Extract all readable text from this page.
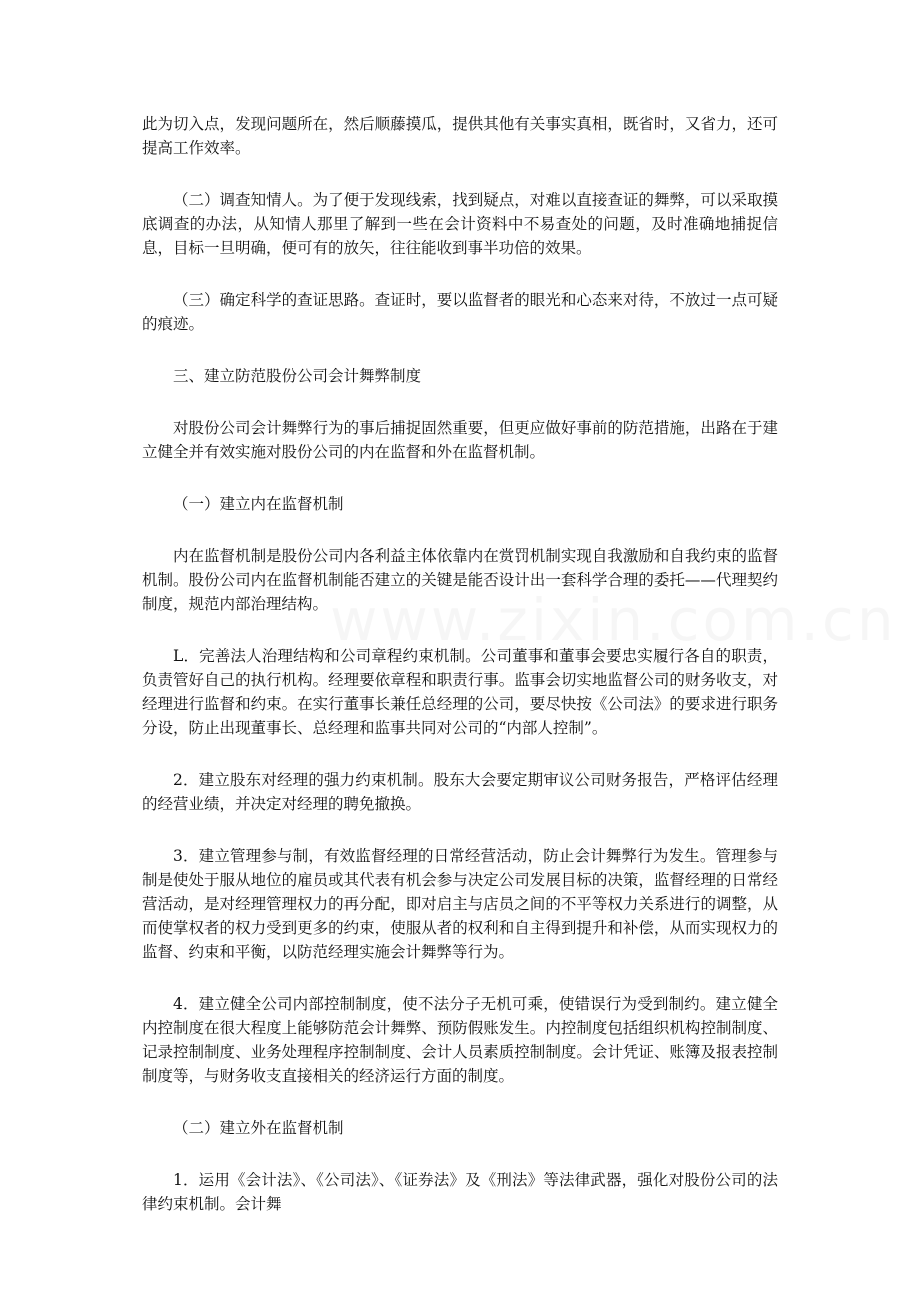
此为切入点，发现问题所在，然后顺藤摸瓜，提供其他有关事实真相，既省时，又省力，还可提高工作效率。

（二）调查知情人。为了便于发现线索，找到疑点，对难以直接查证的舞弊，可以采取摸底调查的办法，从知情人那里了解到一些在会计资料中不易查处的问题，及时准确地捕捉信息，目标一旦明确，便可有的放矢，往往能收到事半功倍的效果。

（三）确定科学的查证思路。查证时，要以监督者的眼光和心态来对待，不放过一点可疑的痕迹。

三、建立防范股份公司会计舞弊制度

对股份公司会计舞弊行为的事后捕捉固然重要，但更应做好事前的防范措施，出路在于建立健全并有效实施对股份公司的内在监督和外在监督机制。

（一）建立内在监督机制

内在监督机制是股份公司内各利益主体依靠内在赏罚机制实现自我激励和自我约束的监督机制。股份公司内在监督机制能否建立的关键是能否设计出一套科学合理的委托——代理契约制度，规范内部治理结构。

L．完善法人治理结构和公司章程约束机制。公司董事和董事会要忠实履行各自的职责，负责管好自己的执行机构。经理要依章程和职责行事。监事会切实地监督公司的财务收支，对经理进行监督和约束。在实行董事长兼任总经理的公司，要尽快按《公司法》的要求进行职务分设，防止出现董事长、总经理和监事共同对公司的“内部人控制”。

2．建立股东对经理的强力约束机制。股东大会要定期审议公司财务报告，严格评估经理的经营业绩，并决定对经理的聘免撤换。

3．建立管理参与制，有效监督经理的日常经营活动，防止会计舞弊行为发生。管理参与制是使处于服从地位的雇员或其代表有机会参与决定公司发展目标的决策，监督经理的日常经营活动，是对经理管理权力的再分配，即对启主与店员之间的不平等权力关系进行的调整，从而使掌权者的权力受到更多的约束，使服从者的权利和自主得到提升和补偿，从而实现权力的监督、约束和平衡，以防范经理实施会计舞弊等行为。

4．建立健全公司内部控制制度，使不法分子无机可乘，使错误行为受到制约。建立健全内控制度在很大程度上能够防范会计舞弊、预防假账发生。内控制度包括组织机构控制制度、记录控制制度、业务处理程序控制制度、会计人员素质控制制度。会计凭证、账簿及报表控制制度等，与财务收支直接相关的经济运行方面的制度。

（二）建立外在监督机制

1．运用《会计法》、《公司法》、《证券法》及《刑法》等法律武器，强化对股份公司的法律约束机制。会计舞
